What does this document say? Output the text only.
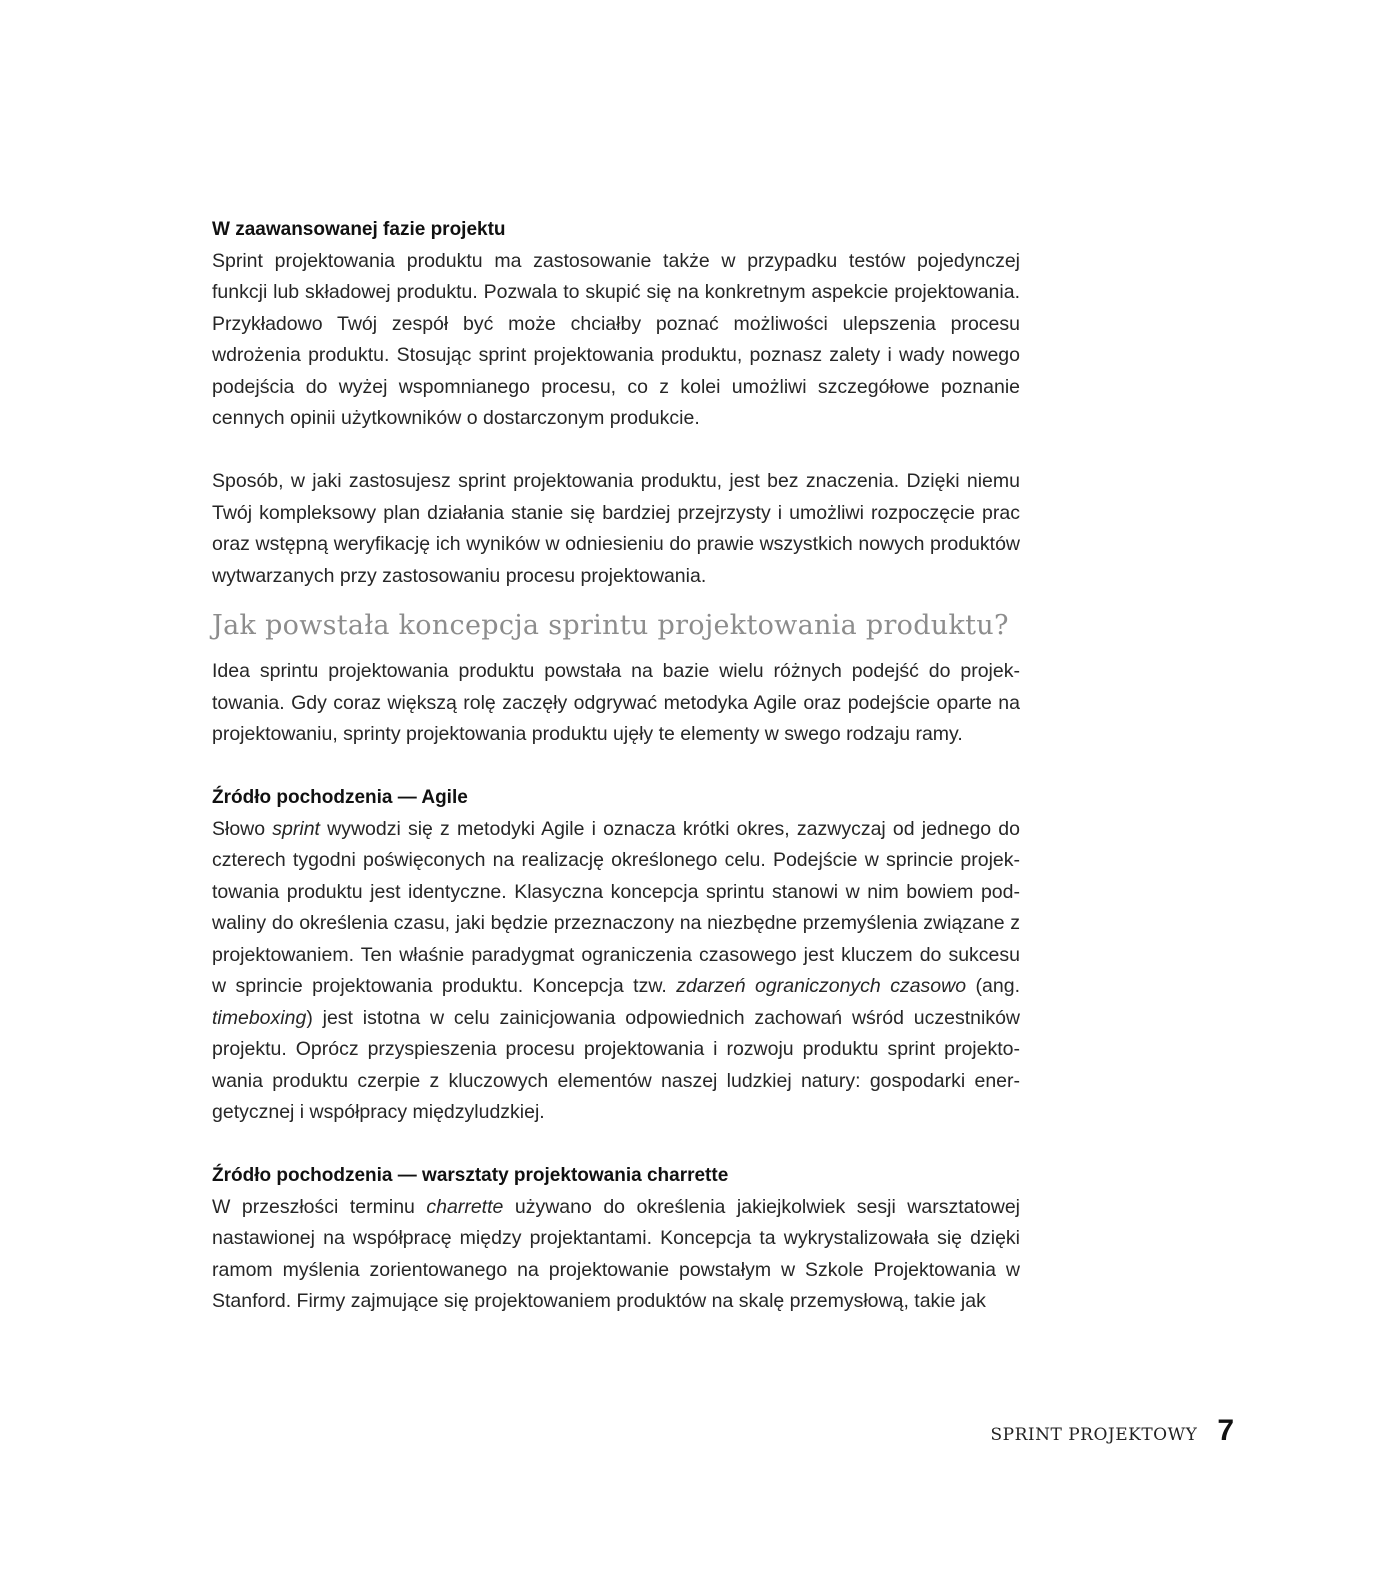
W zaawansowanej fazie projektu

Sprint projektowania produktu ma zastosowanie także w przypadku testów pojedynczej funkcji lub składowej produktu. Pozwala to skupić się na konkretnym aspekcie projektowania. Przykładowo Twój zespół być może chciałby poznać możliwości ulepszenia procesu wdrożenia produktu. Stosując sprint projektowania produktu, poznasz zalety i wady nowego podejścia do wyżej wspomnianego procesu, co z kolei umożliwi szczegółowe poznanie cennych opinii użytkowników o dostarczonym produkcie.

Sposób, w jaki zastosujesz sprint projektowania produktu, jest bez znaczenia. Dzięki niemu Twój kompleksowy plan działania stanie się bardziej przejrzysty i umożliwi rozpoczęcie prac oraz wstępną weryfikację ich wyników w odniesieniu do prawie wszystkich nowych produktów wytwarzanych przy zastosowaniu procesu projektowania.

Jak powstała koncepcja sprintu projektowania produktu?

Idea sprintu projektowania produktu powstała na bazie wielu różnych podejść do projektowania. Gdy coraz większą rolę zaczęły odgrywać metodyka Agile oraz podejście oparte na projektowaniu, sprinty projektowania produktu ujęły te elementy w swego rodzaju ramy.

Źródło pochodzenia — Agile

Słowo sprint wywodzi się z metodyki Agile i oznacza krótki okres, zazwyczaj od jednego do czterech tygodni poświęconych na realizację określonego celu. Podejście w sprincie projektowania produktu jest identyczne. Klasyczna koncepcja sprintu stanowi w nim bowiem podwaliny do określenia czasu, jaki będzie przeznaczony na niezbędne przemyślenia związane z projektowaniem. Ten właśnie paradygmat ograniczenia czasowego jest kluczem do sukcesu w sprincie projektowania produktu. Koncepcja tzw. zdarzeń ograniczonych czasowo (ang. timeboxing) jest istotna w celu zainicjowania odpowiednich zachowań wśród uczestników projektu. Oprócz przyspieszenia procesu projektowania i rozwoju produktu sprint projektowania produktu czerpie z kluczowych elementów naszej ludzkiej natury: gospodarki energetycznej i współpracy międzyludzkiej.

Źródło pochodzenia — warsztaty projektowania charrette

W przeszłości terminu charrette używano do określenia jakiejkolwiek sesji warsztatowej nastawionej na współpracę między projektantami. Koncepcja ta wykrystalizowała się dzięki ramom myślenia zorientowanego na projektowanie powstałym w Szkole Projektowania w Stanford. Firmy zajmujące się projektowaniem produktów na skalę przemysłową, takie jak

SPRINT PROJEKTOWY 7
